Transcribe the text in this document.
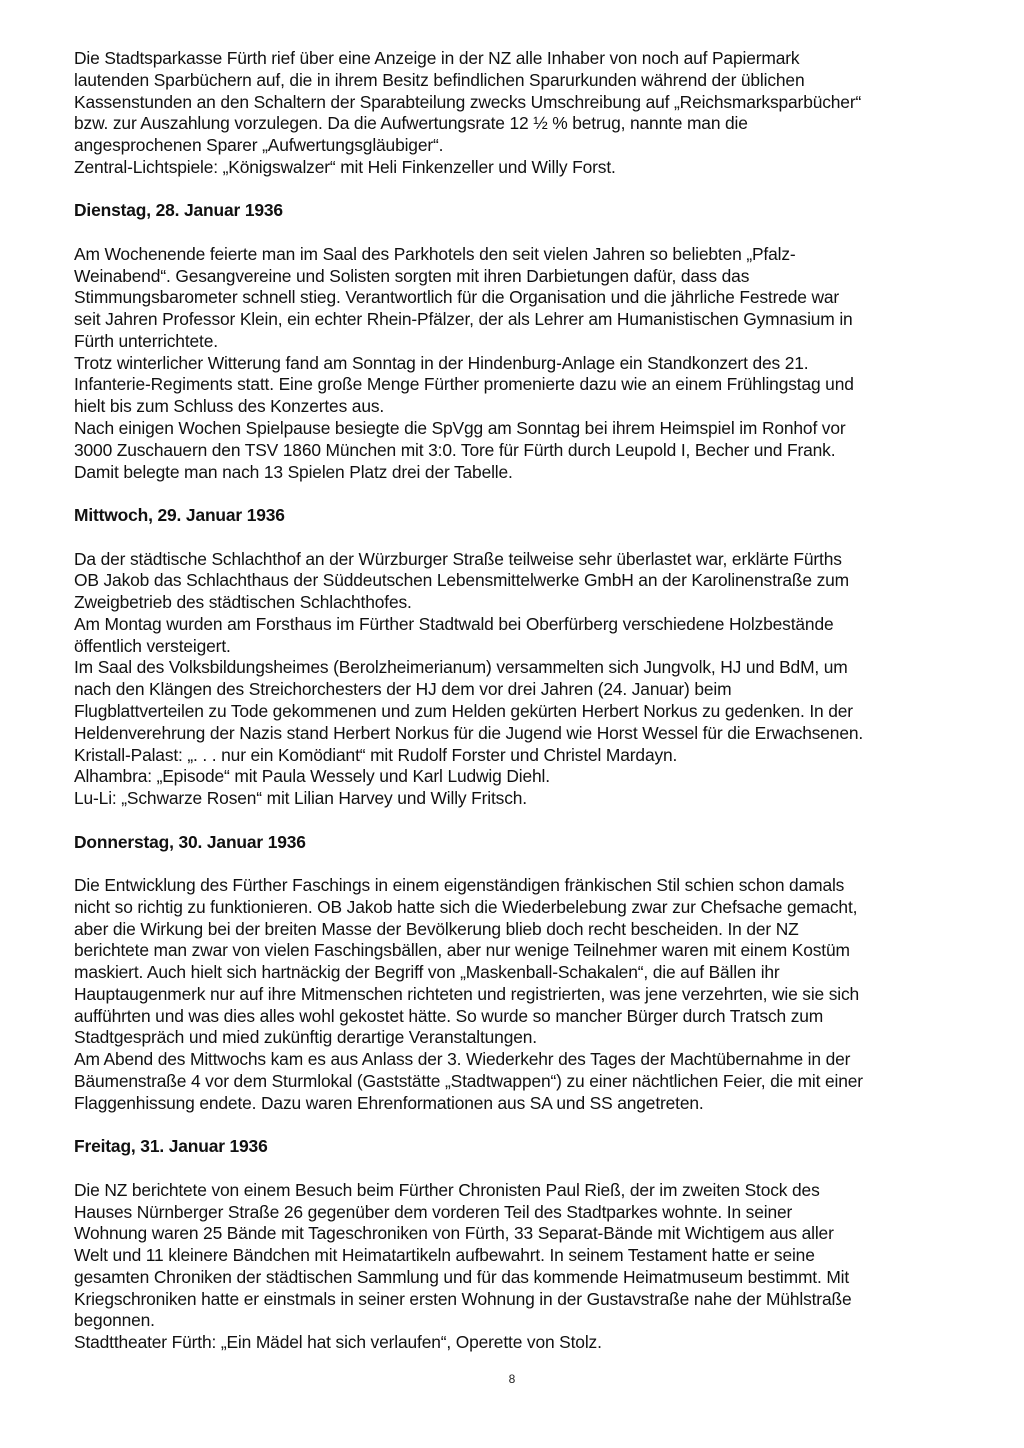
Die Stadtsparkasse Fürth rief über eine Anzeige in der NZ alle Inhaber von noch auf Papiermark
lautenden Sparbüchern auf, die in ihrem Besitz befindlichen Sparurkunden während der üblichen
Kassenstunden an den Schaltern der Sparabteilung zwecks Umschreibung auf „Reichsmarksparbücher“
bzw. zur Auszahlung vorzulegen. Da die Aufwertungsrate 12 ½ % betrug, nannte man die
angesprochenen Sparer „Aufwertungsgläubiger“.
Zentral-Lichtspiele: „Königswalzer“ mit Heli Finkenzeller und Willy Forst.
Dienstag, 28. Januar 1936
Am Wochenende feierte man im Saal des Parkhotels den seit vielen Jahren so beliebten „Pfalz-
Weinabend“. Gesangvereine und Solisten sorgten mit ihren Darbietungen dafür, dass das
Stimmungsbarometer schnell stieg. Verantwortlich für die Organisation und die jährliche Festrede war
seit Jahren Professor Klein, ein echter Rhein-Pfälzer, der als Lehrer am Humanistischen Gymnasium in
Fürth unterrichtete.
Trotz winterlicher Witterung fand am Sonntag in der Hindenburg-Anlage ein Standkonzert des 21.
Infanterie-Regiments statt. Eine große Menge Fürther promenierte dazu wie an einem Frühlingstag und
hielt bis zum Schluss des Konzertes aus.
Nach einigen Wochen Spielpause besiegte die SpVgg am Sonntag bei ihrem Heimspiel im Ronhof vor
3000 Zuschauern den TSV 1860 München mit 3:0. Tore für Fürth durch Leupold I, Becher und Frank.
Damit belegte man nach 13 Spielen Platz drei der Tabelle.
Mittwoch, 29. Januar 1936
Da der städtische Schlachthof an der Würzburger Straße teilweise sehr überlastet war, erklärte Fürths
OB Jakob das Schlachthaus der Süddeutschen Lebensmittelwerke GmbH an der Karolinenstraße zum
Zweigbetrieb des städtischen Schlachthofes.
Am Montag wurden am Forsthaus im Fürther Stadtwald bei Oberfürberg verschiedene Holzbestände
öffentlich versteigert.
Im Saal des Volksbildungsheimes (Berolzheimerianum) versammelten sich Jungvolk, HJ und BdM, um
nach den Klängen des Streichorchesters der HJ dem vor drei Jahren (24. Januar) beim
Flugblattverteilen zu Tode gekommenen und zum Helden gekürten Herbert Norkus zu gedenken. In der
Heldenverehrung der Nazis stand Herbert Norkus für die Jugend wie Horst Wessel für die Erwachsenen.
Kristall-Palast: „. . . nur ein Komödiant“ mit Rudolf Forster und Christel Mardayn.
Alhambra: „Episode“ mit Paula Wessely und Karl Ludwig Diehl.
Lu-Li: „Schwarze Rosen“ mit Lilian Harvey und Willy Fritsch.
Donnerstag, 30. Januar 1936
Die Entwicklung des Fürther Faschings in einem eigenständigen fränkischen Stil schien schon damals
nicht so richtig zu funktionieren. OB Jakob hatte sich die Wiederbelebung zwar zur Chefsache gemacht,
aber die Wirkung bei der breiten Masse der Bevölkerung blieb doch recht bescheiden. In der NZ
berichtete man zwar von vielen Faschingsbällen, aber nur wenige Teilnehmer waren mit einem Kostüm
maskiert. Auch hielt sich hartnäckig der Begriff von „Maskenball-Schakalen“, die auf Bällen ihr
Hauptaugenmerk nur auf ihre Mitmenschen richteten und registrierten, was jene verzehrten, wie sie sich
aufführten und was dies alles wohl gekostet hätte. So wurde so mancher Bürger durch Tratsch zum
Stadtgespräch und mied zukünftig derartige Veranstaltungen.
Am Abend des Mittwochs kam es aus Anlass der 3. Wiederkehr des Tages der Machtübernahme in der
Bäumenstraße 4 vor dem Sturmlokal (Gaststätte „Stadtwappen“) zu einer nächtlichen Feier, die mit einer
Flaggenhissung endete. Dazu waren Ehrenformationen aus SA und SS angetreten.
Freitag, 31. Januar 1936
Die NZ berichtete von einem Besuch beim Fürther Chronisten Paul Rieß, der im zweiten Stock des
Hauses Nürnberger Straße 26 gegenüber dem vorderen Teil des Stadtparkes wohnte. In seiner
Wohnung waren 25 Bände mit Tageschroniken von Fürth, 33 Separat-Bände mit Wichtigem aus aller
Welt und 11 kleinere Bändchen mit Heimatartikeln aufbewahrt. In seinem Testament hatte er seine
gesamten Chroniken der städtischen Sammlung und für das kommende Heimatmuseum bestimmt. Mit
Kriegschroniken hatte er einstmals in seiner ersten Wohnung in der Gustavstraße nahe der Mühlstraße
begonnen.
Stadttheater Fürth: „Ein Mädel hat sich verlaufen“, Operette von Stolz.
8
